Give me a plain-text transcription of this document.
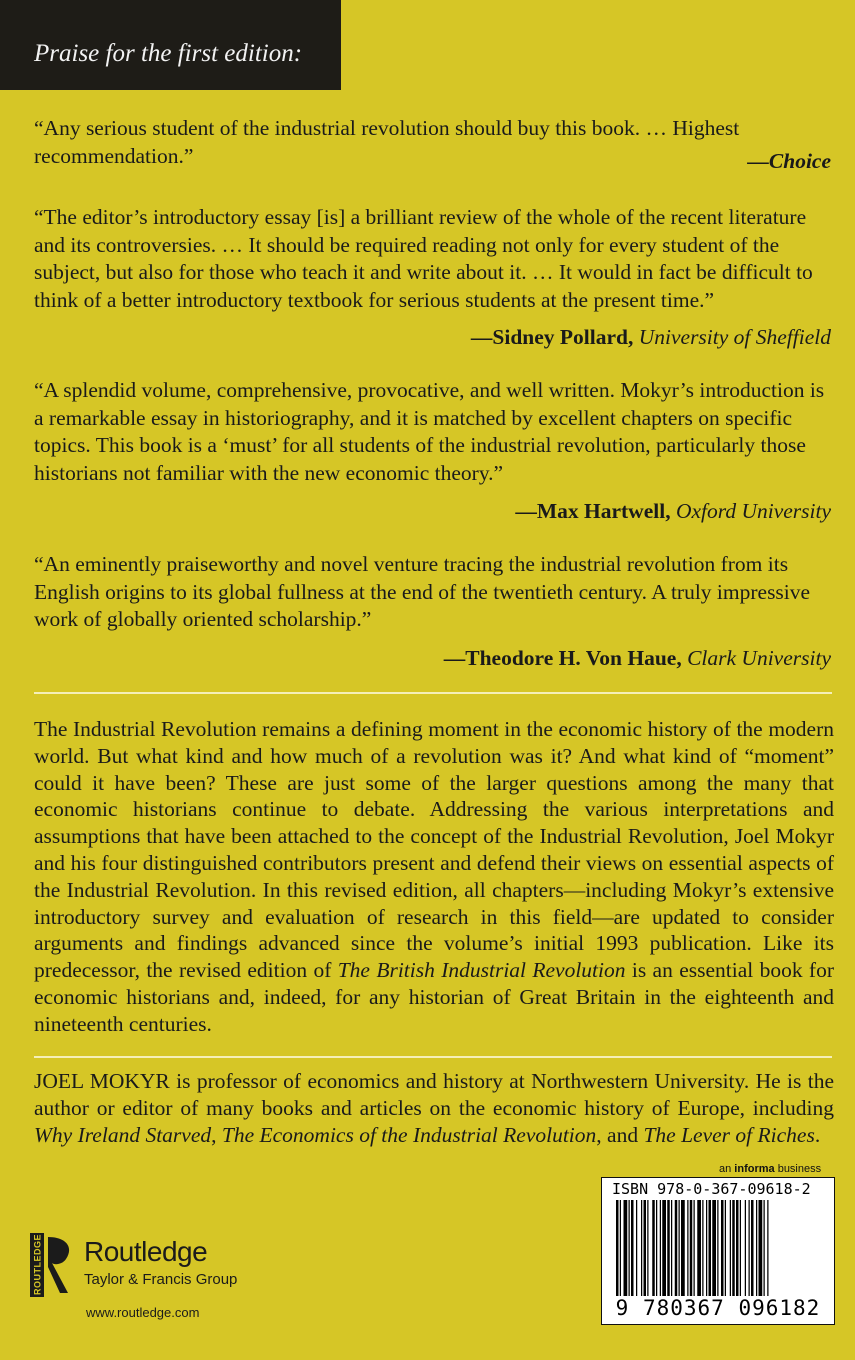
Praise for the first edition:

“Any serious student of the industrial revolution should buy this book. … Highest recommendation.”	—Choice

“The editor’s introductory essay [is] a brilliant review of the whole of the recent literature and its controversies. … It should be required reading not only for every student of the subject, but also for those who teach it and write about it. … It would in fact be difficult to think of a better introductory textbook for serious students at the present time.”

—Sidney Pollard, University of Sheffield

“A splendid volume, comprehensive, provocative, and well written. Mokyr’s introduction is a remarkable essay in historiography, and it is matched by excellent chapters on specific topics. This book is a ‘must’ for all students of the industrial revolution, particularly those historians not familiar with the new economic theory.”

—Max Hartwell, Oxford University

“An eminently praiseworthy and novel venture tracing the industrial revolution from its English origins to its global fullness at the end of the twentieth century. A truly impressive work of globally oriented scholarship.”

—Theodore H. Von Haue, Clark University

The Industrial Revolution remains a defining moment in the economic history of the modern world. But what kind and how much of a revolution was it? And what kind of “moment” could it have been? These are just some of the larger questions among the many that economic historians continue to debate. Addressing the various interpretations and assumptions that have been attached to the concept of the Industrial Revolution, Joel Mokyr and his four distinguished contributors present and defend their views on essential aspects of the Industrial Revolution. In this revised edition, all chapters—including Mokyr’s extensive introductory survey and evaluation of research in this field—are updated to consider arguments and findings advanced since the volume’s initial 1993 publication. Like its predecessor, the revised edition of The British Industrial Revolution is an essential book for economic historians and, indeed, for any historian of Great Britain in the eighteenth and nineteenth centuries.

JOEL MOKYR is professor of economics and history at Northwestern University. He is the author or editor of many books and articles on the economic history of Europe, including Why Ireland Starved, The Economics of the Industrial Revolution, and The Lever of Riches.

an informa business
ISBN 978-0-367-09618-2
9 780367 096182
ROUTLEDGE Routledge
Taylor & Francis Group
www.routledge.com
